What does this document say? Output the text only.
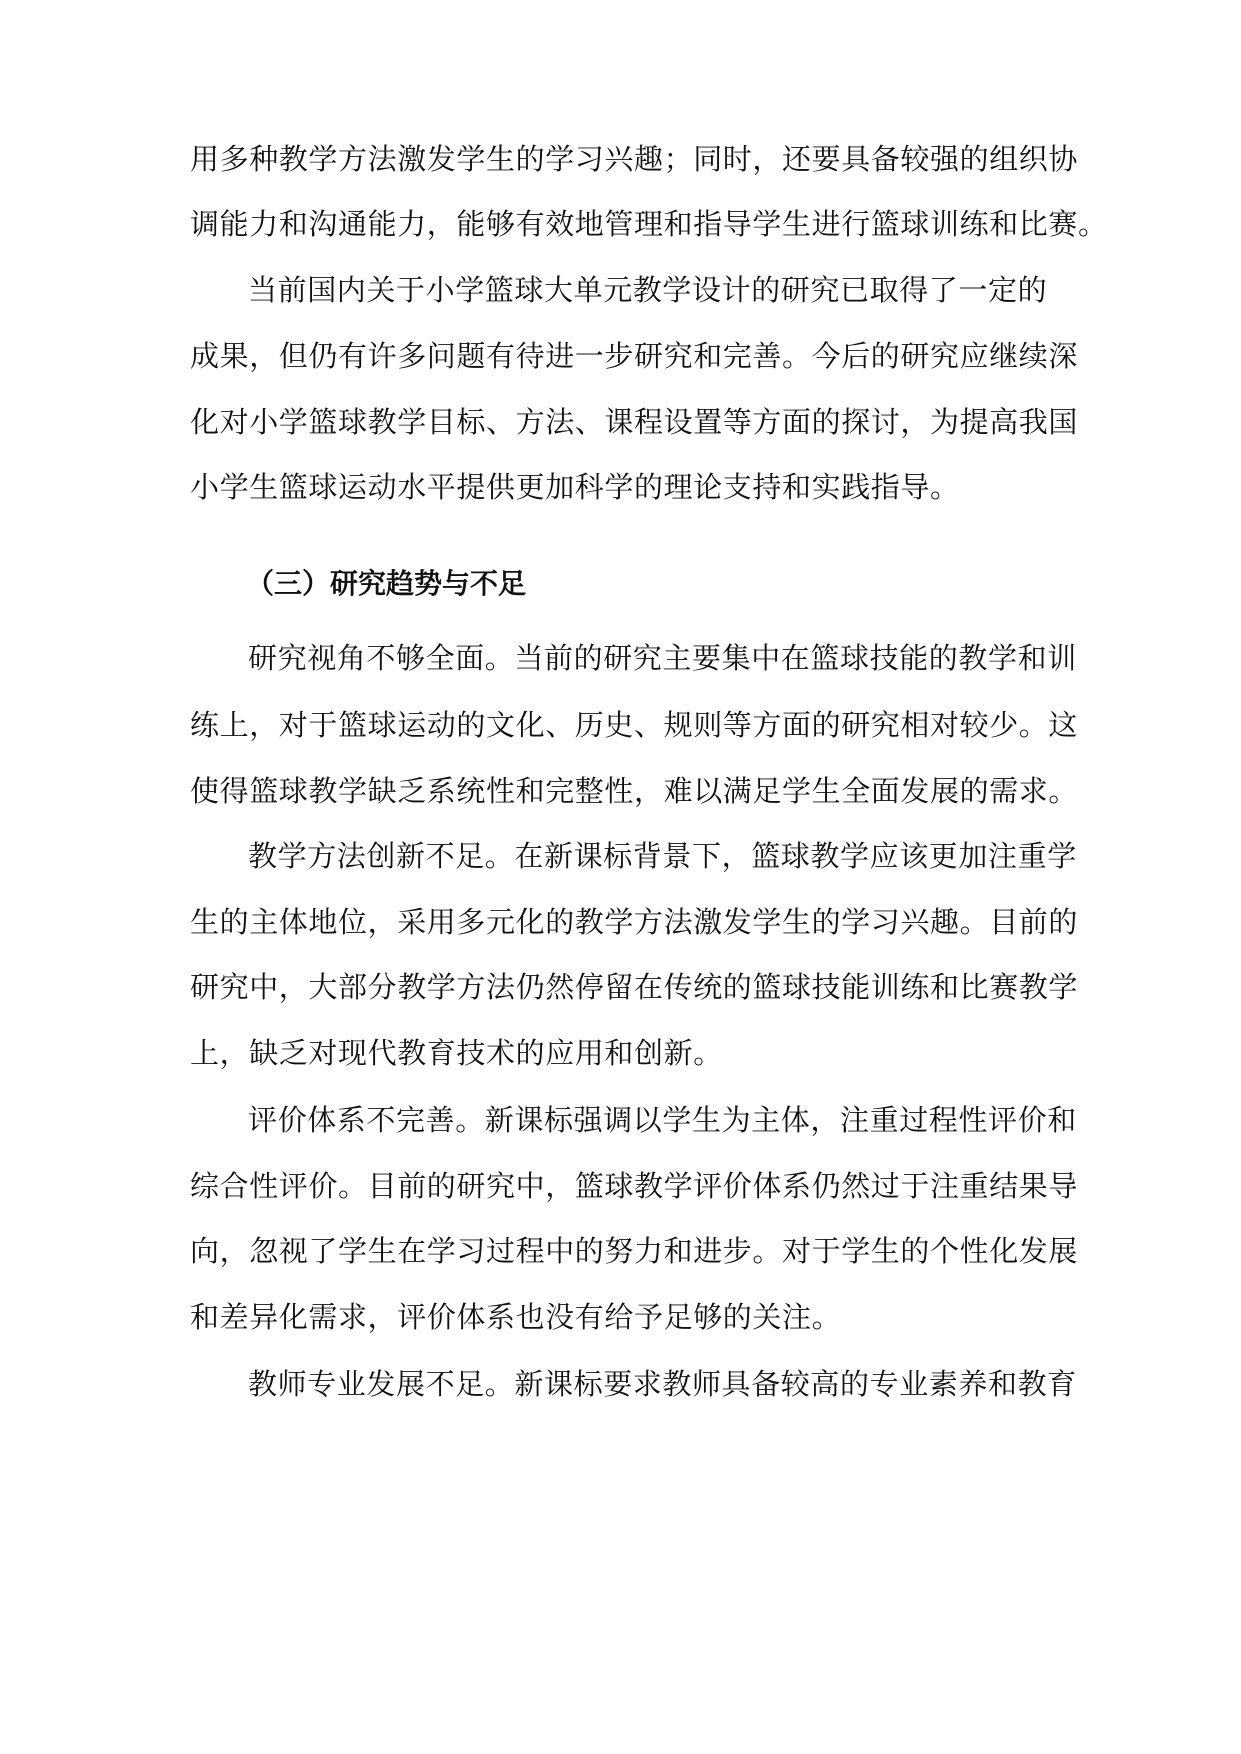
用多种教学方法激发学生的学习兴趣；同时，还要具备较强的组织协
调能力和沟通能力，能够有效地管理和指导学生进行篮球训练和比赛。
当前国内关于小学篮球大单元教学设计的研究已取得了一定的
成果，但仍有许多问题有待进一步研究和完善。今后的研究应继续深
化对小学篮球教学目标、方法、课程设置等方面的探讨，为提高我国
小学生篮球运动水平提供更加科学的理论支持和实践指导。
（三）研究趋势与不足
研究视角不够全面。当前的研究主要集中在篮球技能的教学和训
练上，对于篮球运动的文化、历史、规则等方面的研究相对较少。这
使得篮球教学缺乏系统性和完整性，难以满足学生全面发展的需求。
教学方法创新不足。在新课标背景下，篮球教学应该更加注重学
生的主体地位，采用多元化的教学方法激发学生的学习兴趣。目前的
研究中，大部分教学方法仍然停留在传统的篮球技能训练和比赛教学
上，缺乏对现代教育技术的应用和创新。
评价体系不完善。新课标强调以学生为主体，注重过程性评价和
综合性评价。目前的研究中，篮球教学评价体系仍然过于注重结果导
向，忽视了学生在学习过程中的努力和进步。对于学生的个性化发展
和差异化需求，评价体系也没有给予足够的关注。
教师专业发展不足。新课标要求教师具备较高的专业素养和教育
